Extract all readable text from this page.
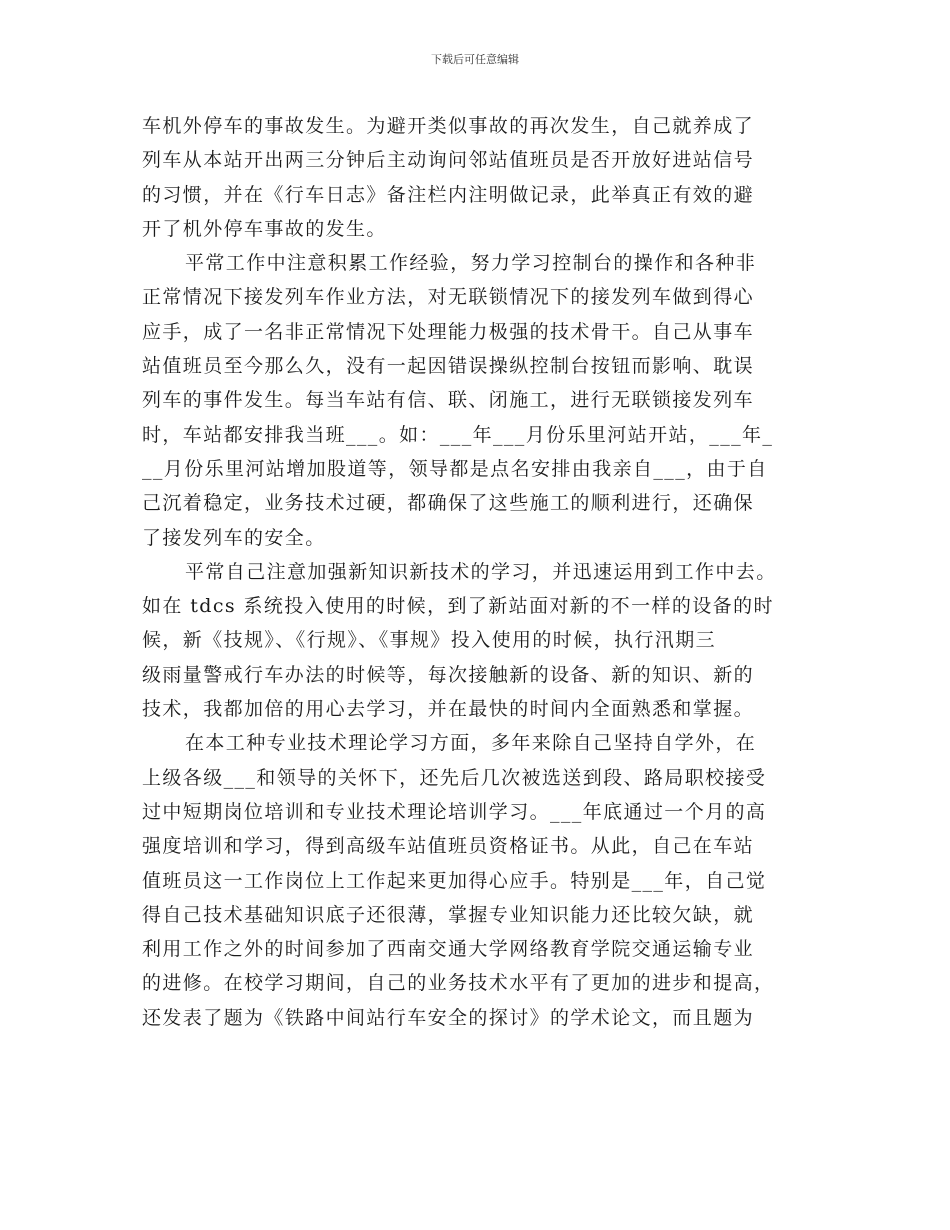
下载后可任意编辑
车机外停车的事故发生。为避开类似事故的再次发生，自己就养成了
列车从本站开出两三分钟后主动询问邻站值班员是否开放好进站信号
的习惯，并在《行车日志》备注栏内注明做记录，此举真正有效的避
开了机外停车事故的发生。
平常工作中注意积累工作经验，努力学习控制台的操作和各种非
正常情况下接发列车作业方法，对无联锁情况下的接发列车做到得心
应手，成了一名非正常情况下处理能力极强的技术骨干。自己从事车
站值班员至今那么久，没有一起因错误操纵控制台按钮而影响、耽误
列车的事件发生。每当车站有信、联、闭施工，进行无联锁接发列车
时，车站都安排我当班___。如：___年___月份乐里河站开站，___年_
__月份乐里河站增加股道等，领导都是点名安排由我亲自___，由于自
己沉着稳定，业务技术过硬，都确保了这些施工的顺利进行，还确保
了接发列车的安全。
平常自己注意加强新知识新技术的学习，并迅速运用到工作中去。
如在 tdcs 系统投入使用的时候，到了新站面对新的不一样的设备的时
候，新《技规》、《行规》、《事规》投入使用的时候，执行汛期三
级雨量警戒行车办法的时候等，每次接触新的设备、新的知识、新的
技术，我都加倍的用心去学习，并在最快的时间内全面熟悉和掌握。
在本工种专业技术理论学习方面，多年来除自己坚持自学外，在
上级各级___和领导的关怀下，还先后几次被选送到段、路局职校接受
过中短期岗位培训和专业技术理论培训学习。___年底通过一个月的高
强度培训和学习，得到高级车站值班员资格证书。从此，自己在车站
值班员这一工作岗位上工作起来更加得心应手。特别是___年，自己觉
得自己技术基础知识底子还很薄，掌握专业知识能力还比较欠缺，就
利用工作之外的时间参加了西南交通大学网络教育学院交通运输专业
的进修。在校学习期间，自己的业务技术水平有了更加的进步和提高，
还发表了题为《铁路中间站行车安全的探讨》的学术论文，而且题为
